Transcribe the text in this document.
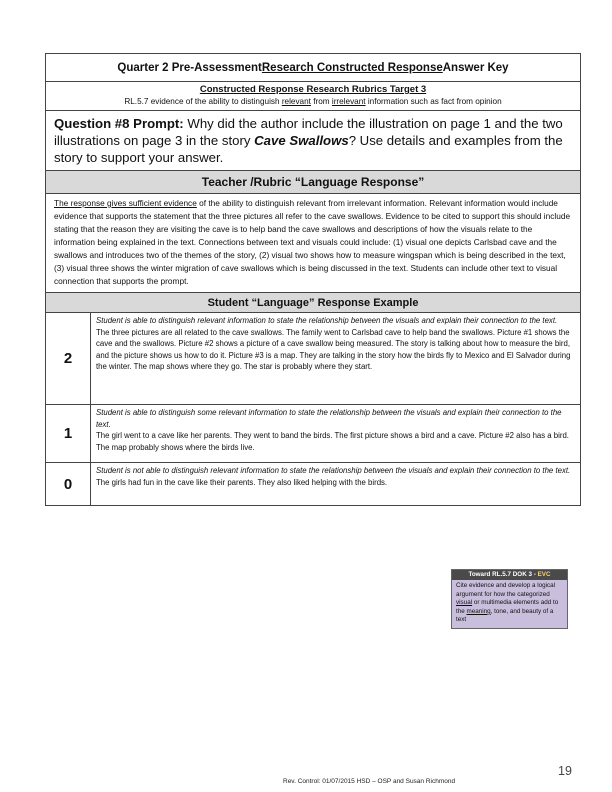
Quarter 2 Pre-Assessment Research Constructed Response Answer Key
Constructed Response Research Rubrics Target 3
RL.5.7 evidence of the ability to distinguish relevant from irrelevant information such as fact from opinion
Question #8 Prompt: Why did the author include the illustration on page 1 and the two illustrations on page 3 in the story Cave Swallows? Use details and examples from the story to support your answer.
Teacher /Rubric “Language Response”
The response gives sufficient evidence of the ability to distinguish relevant from irrelevant information. Relevant information would include evidence that supports the statement that the three pictures all refer to the cave swallows. Evidence to be cited to support this should include stating that the reason they are visiting the cave is to help band the cave swallows and descriptions of how the visuals relate to the information being explained in the text. Connections between text and visuals could include: (1) visual one depicts Carlsbad cave and the swallows and introduces two of the themes of the story, (2) visual two shows how to measure wingspan which is being described in the text, (3) visual three shows the winter migration of cave swallows which is being discussed in the text. Students can include other text to visual connection that supports the prompt.
Student “Language” Response Example
2
Student is able to distinguish relevant information to state the relationship between the visuals and explain their connection to the text.
The three pictures are all related to the cave swallows. The family went to Carlsbad cave to help band the swallows. Picture #1 shows the cave and the swallows. Picture #2 shows a picture of a cave swallow being measured. The story is talking about how to measure the bird, and the picture shows us how to do it. Picture #3 is a map. They are talking in the story how the birds fly to Mexico and El Salvador during the winter. The map shows where they go. The star is probably where they start.
1
Student is able to distinguish some relevant information to state the relationship between the visuals and explain their connection to the text.
The girl went to a cave like her parents. They went to band the birds. The first picture shows a bird and a cave. Picture #2 also has a bird. The map probably shows where the birds live.
0
Student is not able to distinguish relevant information to state the relationship between the visuals and explain their connection to the text.
The girls had fun in the cave like their parents. They also liked helping with the birds.
Toward RL.5.7 DOK 3 - EVC
Cite evidence and develop a logical argument for how the categorized visual or multimedia elements add to the meaning, tone, and beauty of a text
Rev. Control: 01/07/2015 HSD – OSP and Susan Richmond
19
